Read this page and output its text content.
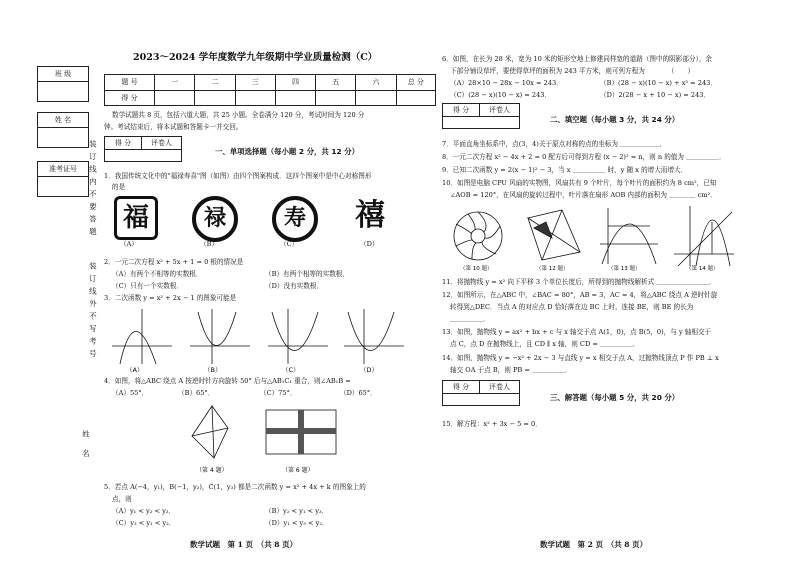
班 级
姓 名
准考证号	装订线内不要答题
装订线外不写考号
姓名
2023～2024 学年度数学九年级期中学业质量检测（C）
题 号	一	二	三	四	五	六	总 分
得 分
数学试题共 8 页，包括六道大题，共 25 小题。全卷满分 120 分，考试时间为 120 分
钟。考试结束后，将本试题和答题卡一并交回。
得 分	评卷人
一、单项选择题（每小题 2 分，共 12 分）
1．我国传统文化中的"福禄寿喜"图（如图）由四个图案构成．这四个图案中是中心对称图形
的是
福	禄	寿	禧
（A）	（B）	（C）	（D）
2．一元二次方程 x² + 5x + 1 = 0 根的情况是
（A）有两个不相等的实数根．	（B）有两个相等的实数根．
（C）只有一个实数根．	（D）没有实数根．
3．二次函数 y = x² + 2x − 1 的图象可能是
（A）	（B）	（C）	（D）
4．如图，将△ABC 绕点 A 按逆时针方向旋转 50° 后与△AB₁C₁ 重合，则∠AB₁B =
（A）55°．	（B）65°．	（C）75°．	（D）65°．
（第 4 题）	（第 6 题）
5．若点 A(−4，y₁)，B(−1，y₂)，C(1，y₃) 都是二次函数 y = x² + 4x + k 的图象上的
点，则
（A）y₁ < y₂ < y₃．	（B）y₂ < y₁ < y₃．
（C）y₃ < y₁ < y₂．	（D）y₁ < y₃ < y₂．
数学试题　第 1 页　（共 8 页）
6．如图，在长为 28 米，宽为 10 米的矩形空地上修建同样宽的道路（图中的阴影部分），余
下部分铺设草坪，要使得草坪的面积为 243 平方米，则可列方程为　　　　（　　）
（A）28×10 − 28x − 10x = 243．	（B）(28 − x)(10 − x) + x² = 243．
（C）(28 − x)(10 − x) = 243．	（D）2(28 − x + 10 − x) = 243．
得 分	评卷人
二、填空题（每小题 3 分，共 24 分）
7．平面直角坐标系中，点(3，4)关于原点对称的点的坐标为 ＿＿＿＿＿＿．
8．一元二次方程 x² − 4x + 2 = 0 配方后可得到方程 (x − 2)² = n，则 n 的值为 ＿＿＿＿＿．
9．已知二次函数 y = 2(x − 1)² − 3，当 x ＿＿＿＿＿ 时，y 随 x 的增大而增大．
10．如图是电脑 CPU 风扇的实物图，风扇共有 9 个叶片，每个叶片的面积约为 8 cm²，已知
∠AOB = 120°，在风扇的旋转过程中，叶片落在扇形 AOB 内部的面积为 ＿＿＿＿ cm²．
（第 10 题）	（第 12 题）	（第 13 题）	（第 14 题）
11．将抛物线 y = x² 向下平移 3 个单位长度后，所得到的抛物线解析式 ＿＿＿＿＿＿＿＿．
12．如图所示，在△ABC 中，∠BAC = 80°，AB = 3，AC = 4，将△ABC 绕点 A 逆时针旋
转得到△DEC．当点 A 的对应点 D 恰好落在边 BC 上时，连接 BE，则 BE 的长为
＿＿＿＿＿．
13．如图，抛物线 y = ax² + bx + c 与 x 轴交于点 A(1，0)，点 B(5，0)，与 y 轴相交于
点 C，点 D 在抛物线上，且 CD ∥ x 轴，则 CD = ＿＿＿＿＿．
14．如图，抛物线 y = −x² + 2x − 3 与直线 y = x 相交于点 A，过抛物线顶点 P 作 PB ⊥ x
轴交 OA 于点 B，则 PB = ＿＿＿＿＿．
得 分	评卷人
三、解答题（每小题 5 分，共 20 分）
15．解方程：x² + 3x − 5 = 0．
数学试题　第 2 页　（共 8 页）
